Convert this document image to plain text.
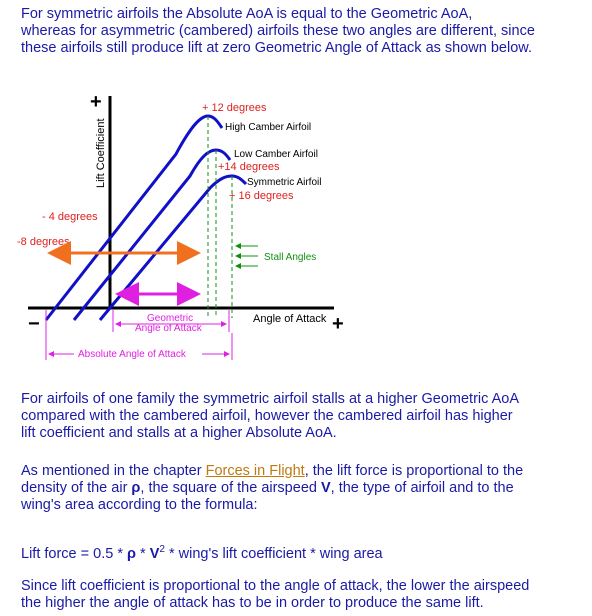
For symmetric airfoils the Absolute AoA is equal to the Geometric AoA,
whereas for asymmetric (cambered) airfoils these two angles are different, since
these airfoils still produce lift at zero Geometric Angle of Attack as shown below.
+
+
−
Lift Coefficient
Angle of Attack
High Camber Airfoil
Low Camber Airfoil
Symmetric Airfoil
+ 12 degrees
+14 degrees
+ 16 degrees
- 4 degrees
-8 degrees
Stall Angles
Geometric
Angle of Attack
Absolute Angle of Attack
For airfoils of one family the symmetric airfoil stalls at a higher Geometric AoA
compared with the cambered airfoil, however the cambered airfoil has higher
lift coefficient and stalls at a higher Absolute AoA.
As mentioned in the chapter Forces in Flight, the lift force is proportional to the
density of the air ρ, the square of the airspeed V, the type of airfoil and to the
wing's area according to the formula:
Lift force = 0.5 * ρ * $V^2$ * wing's lift coefficient * wing area
Since lift coefficient is proportional to the angle of attack, the lower the airspeed
the higher the angle of attack has to be in order to produce the same lift.
